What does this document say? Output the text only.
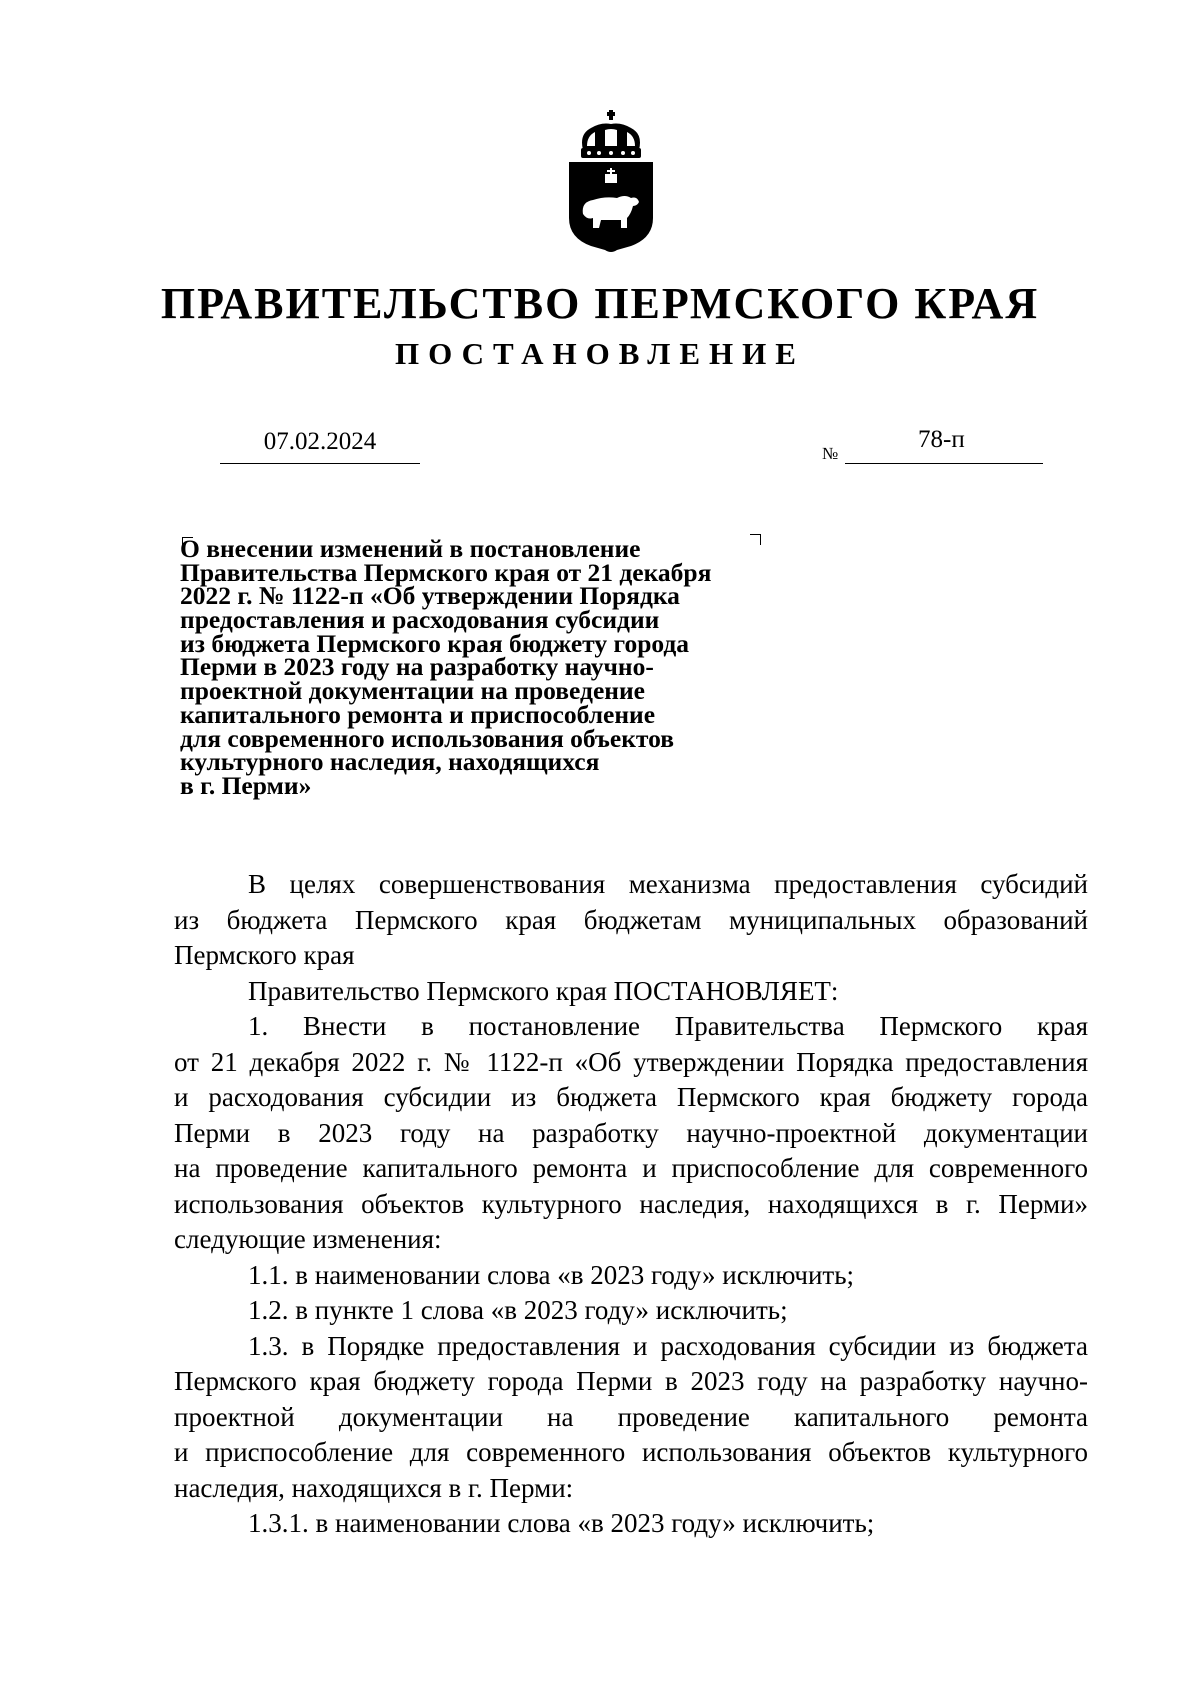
ПРАВИТЕЛЬСТВО ПЕРМСКОГО КРАЯ
ПОСТАНОВЛЕНИЕ
07.02.2024	№
78-п
О внесении изменений в постановление
Правительства Пермского края от 21 декабря
2022 г. № 1122-п «Об утверждении Порядка
предоставления и расходования субсидии
из бюджета Пермского края бюджету города
Перми в 2023 году на разработку научно-
проектной документации на проведение
капитального ремонта и приспособление
для современного использования объектов
культурного наследия, находящихся
в г. Перми»
В целях совершенствования механизма предоставления субсидий
из бюджета Пермского края бюджетам муниципальных образований
Пермского края
Правительство Пермского края ПОСТАНОВЛЯЕТ:
1. Внести в постановление Правительства Пермского края
от 21 декабря 2022 г. № 1122-п «Об утверждении Порядка предоставления
и расходования субсидии из бюджета Пермского края бюджету города
Перми в 2023 году на разработку научно-проектной документации
на проведение капитального ремонта и приспособление для современного
использования объектов культурного наследия, находящихся в г. Перми»
следующие изменения:
1.1. в наименовании слова «в 2023 году» исключить;
1.2. в пункте 1 слова «в 2023 году» исключить;
1.3. в Порядке предоставления и расходования субсидии из бюджета
Пермского края бюджету города Перми в 2023 году на разработку научно-
проектной документации на проведение капитального ремонта
и приспособление для современного использования объектов культурного
наследия, находящихся в г. Перми:
1.3.1. в наименовании слова «в 2023 году» исключить;
